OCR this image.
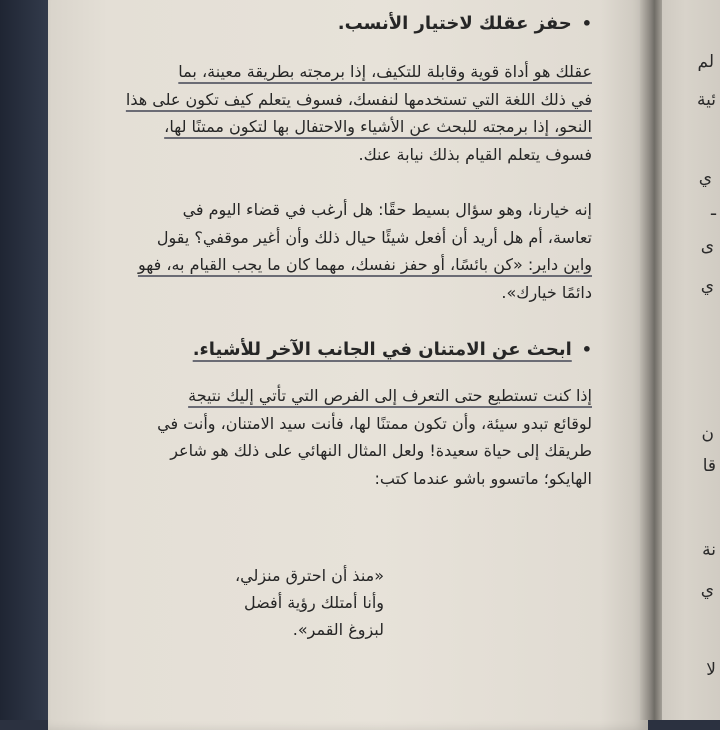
لم
ئية
ي
ـ
ى
ي
ن
قا
نة
ي
لا
•حفز عقلك لاختيار الأنسب.
عقلك هو أداة قوية وقابلة للتكيف، إذا برمجته بطريقة معينة، بما
في ذلك اللغة التي تستخدمها لنفسك، فسوف يتعلم كيف تكون على هذا
النحو، إذا برمجته للبحث عن الأشياء والاحتفال بها لتكون ممتنًا لها،
فسوف يتعلم القيام بذلك نيابة عنك.
إنه خيارنا، وهو سؤال بسيط حقًا: هل أرغب في قضاء اليوم في
تعاسة، أم هل أريد أن أفعل شيئًا حيال ذلك وأن أغير موقفي؟ يقول
واين داير: «كن بائسًا، أو حفز نفسك، مهما كان ما يجب القيام به، فهو
دائمًا خيارك».
•ابحث عن الامتنان في الجانب الآخر للأشياء.
إذا كنت تستطيع حتى التعرف إلى الفرص التي تأتي إليك نتيجة
لوقائع تبدو سيئة، وأن تكون ممتنًا لها، فأنت سيد الامتنان، وأنت في
طريقك إلى حياة سعيدة! ولعل المثال النهائي على ذلك هو شاعر
الهايكو؛ ماتسوو باشو عندما كتب:
«منذ أن احترق منزلي،
وأنا أمتلك رؤية أفضل
لبزوغ القمر».
